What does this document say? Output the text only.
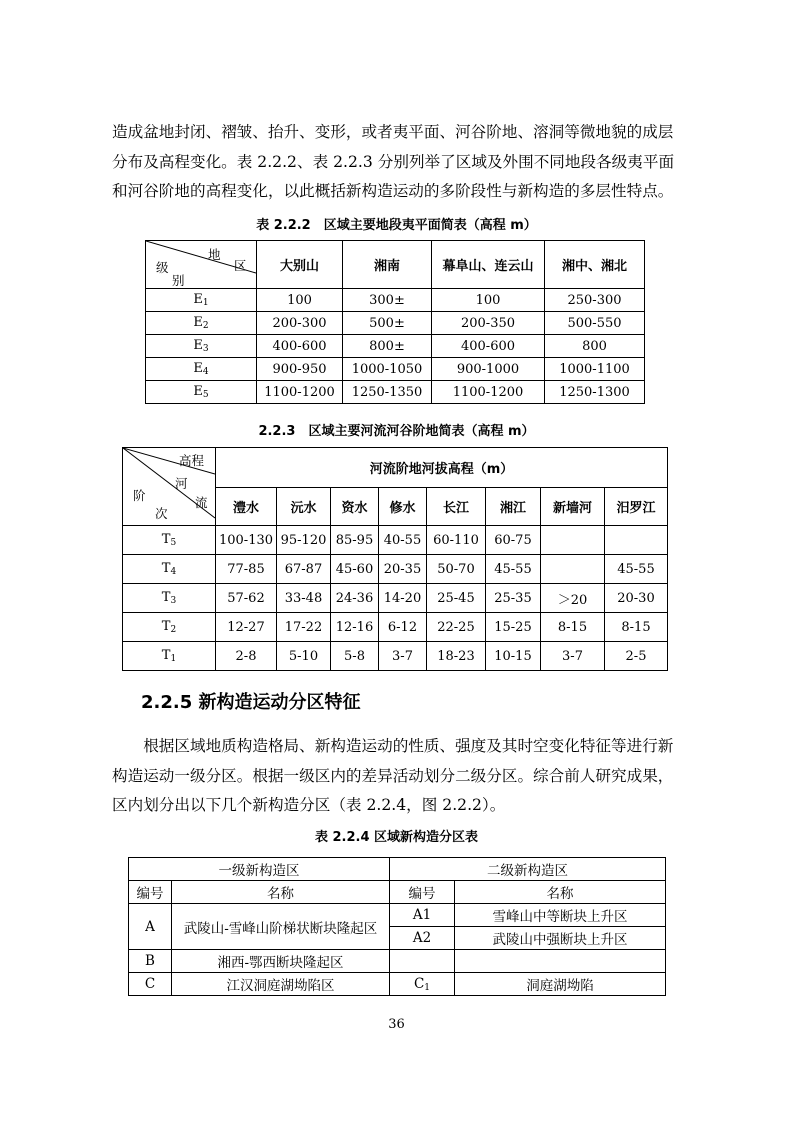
造成盆地封闭、褶皱、抬升、变形，或者夷平面、河谷阶地、溶洞等微地貌的成层
分布及高程变化。表 2.2.2、表 2.2.3 分别列举了区域及外围不同地段各级夷平面
和河谷阶地的高程变化，以此概括新构造运动的多阶段性与新构造的多层性特点。
表 2.2.2　区域主要地段夷平面简表（高程 m）
地
区
级
别	大别山	湘南	幕阜山、连云山	湘中、湘北
$E_1$	100	300±	100	250-300
$E_2$	200-300	500±	200-350	500-550
$E_3$	400-600	800±	400-600	800
$E_4$	900-950	1000-1050	900-1000	1000-1100
$E_5$	1100-1200	1250-1350	1100-1200	1250-1300
2.2.3　区域主要河流河谷阶地简表（高程 m）
高程
河
流
阶
次	河流阶地河拔高程（m）							
	澧水	沅水	资水	修水	长江	湘江	新墙河	汨罗江
$T_5$	100-130	95-120	85-95	40-55	60-110	60-75		
$T_4$	77-85	67-87	45-60	20-35	50-70	45-55		45-55
$T_3$	57-62	33-48	24-36	14-20	25-45	25-35	＞20	20-30
$T_2$	12-27	17-22	12-16	6-12	22-25	15-25	8-15	8-15
$T_1$	2-8	5-10	5-8	3-7	18-23	10-15	3-7	2-5
2.2.5 新构造运动分区特征
　　根据区域地质构造格局、新构造运动的性质、强度及其时空变化特征等进行新
构造运动一级分区。根据一级区内的差异活动划分二级分区。综合前人研究成果，
区内划分出以下几个新构造分区（表 2.2.4，图 2.2.2）。
表 2.2.4 区域新构造分区表
一级新构造区		二级新构造区	
编号	名称	编号	名称
A	武陵山-雪峰山阶梯状断块隆起区	A1	雪峰山中等断块上升区
		A2	武陵山中强断块上升区
B	湘西-鄂西断块隆起区		
C	江汉洞庭湖坳陷区	$C_1$	洞庭湖坳陷
36
